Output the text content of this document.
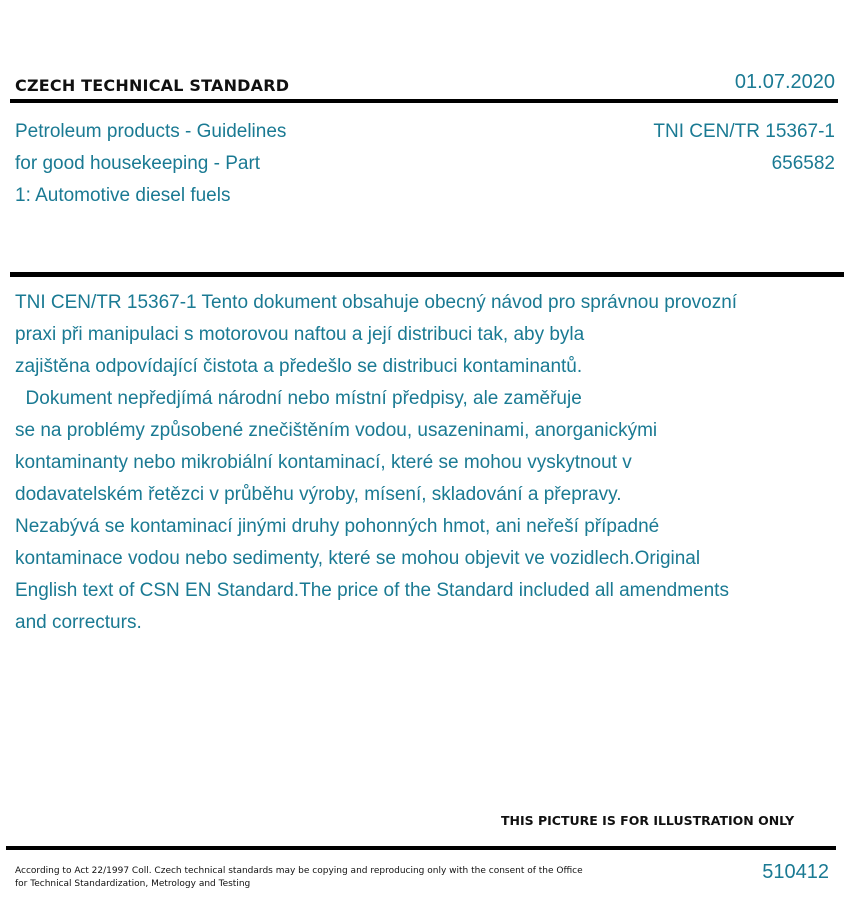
CZECH TECHNICAL STANDARD	01.07.2020
Petroleum products - Guidelines
for good housekeeping - Part
1: Automotive diesel fuels
TNI CEN/TR 15367-1
656582
TNI CEN/TR 15367-1 Tento dokument obsahuje obecný návod pro správnou provozní
praxi při manipulaci s motorovou naftou a její distribuci tak, aby byla
zajištěna odpovídající čistota a předešlo se distribuci kontaminantů.
Dokument nepředjímá národní nebo místní předpisy, ale zaměřuje
se na problémy způsobené znečištěním vodou, usazeninami, anorganickými
kontaminanty nebo mikrobiální kontaminací, které se mohou vyskytnout v
dodavatelském řetězci v průběhu výroby, mísení, skladování a přepravy.
Nezabývá se kontaminací jinými druhy pohonných hmot, ani neřeší případné
kontaminace vodou nebo sedimenty, které se mohou objevit ve vozidlech.Original
English text of CSN EN Standard.The price of the Standard included all amendments
and correcturs.
THIS PICTURE IS FOR ILLUSTRATION ONLY
According to Act 22/1997 Coll. Czech technical standards may be copying and reproducing only with the consent of the Office
for Technical Standardization, Metrology and Testing
510412
